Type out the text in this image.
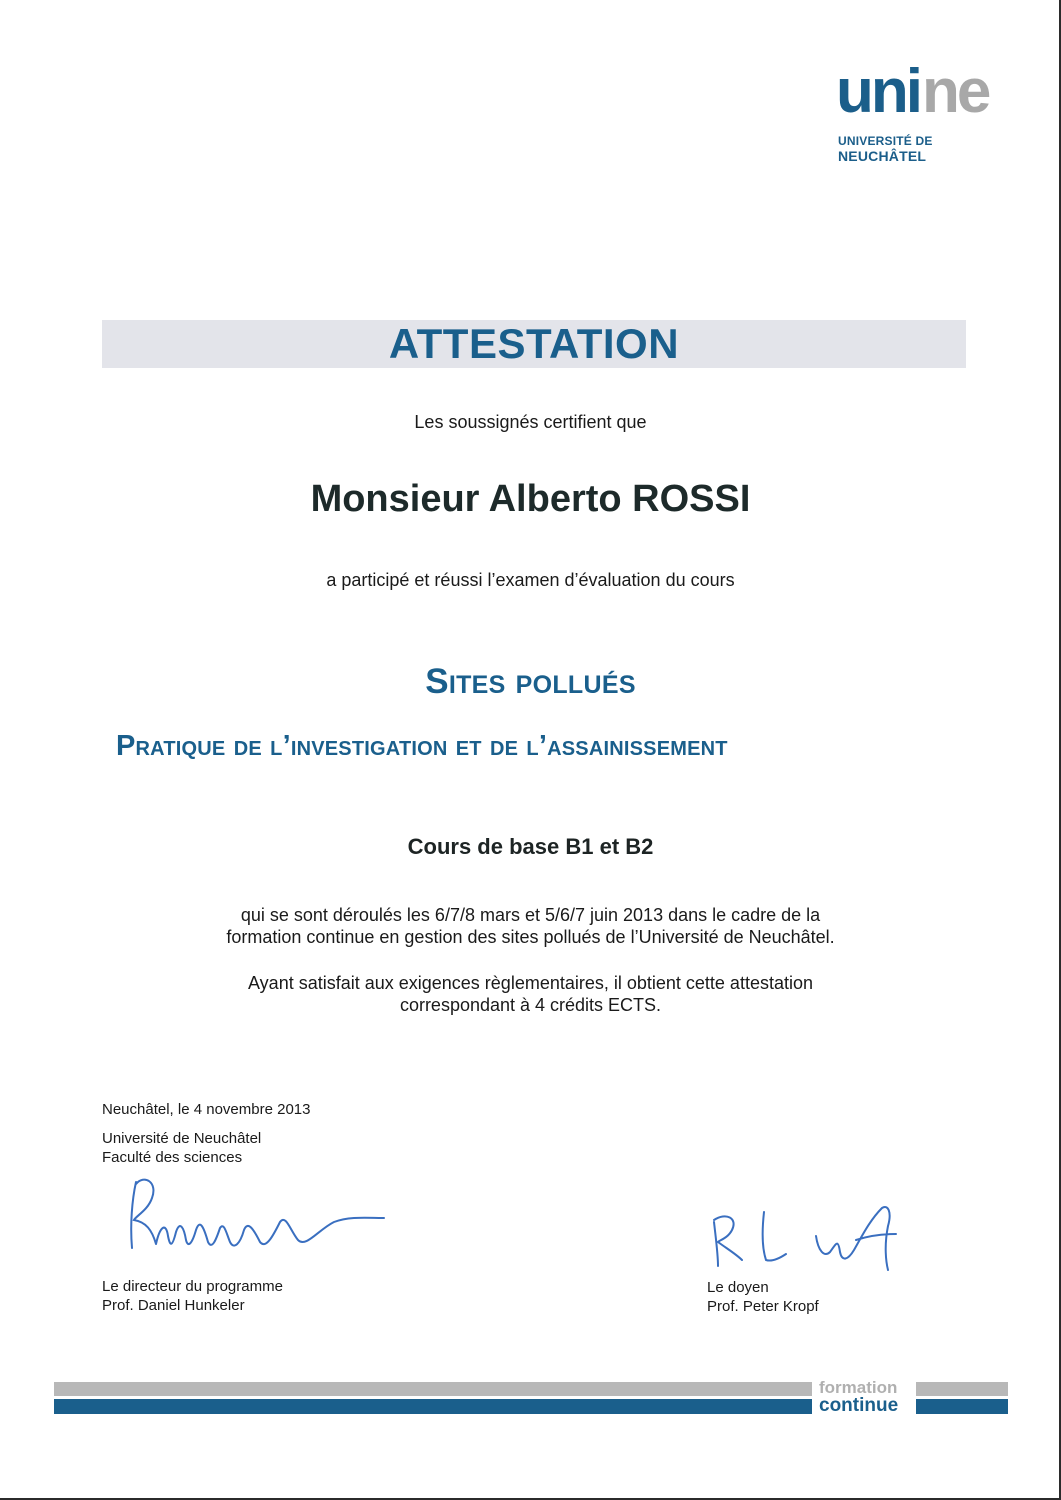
uni ne
UNIVERSITÉ DE
NEUCHÂTEL
ATTESTATION
Les soussignés certifient que
Monsieur Alberto ROSSI
a participé et réussi l’examen d’évaluation du cours
Sites pollués
Pratique de l’investigation et de l’assainissement
Cours de base B1 et B2
qui se sont déroulés les 6/7/8 mars et 5/6/7 juin 2013 dans le cadre de la
formation continue en gestion des sites pollués de l’Université de Neuchâtel.
Ayant satisfait aux exigences règlementaires, il obtient cette attestation
correspondant à 4 crédits ECTS.
Neuchâtel, le 4 novembre 2013
Université de Neuchâtel
Faculté des sciences
Le directeur du programme
Prof. Daniel Hunkeler
Le doyen
Prof. Peter Kropf
formation
continue
